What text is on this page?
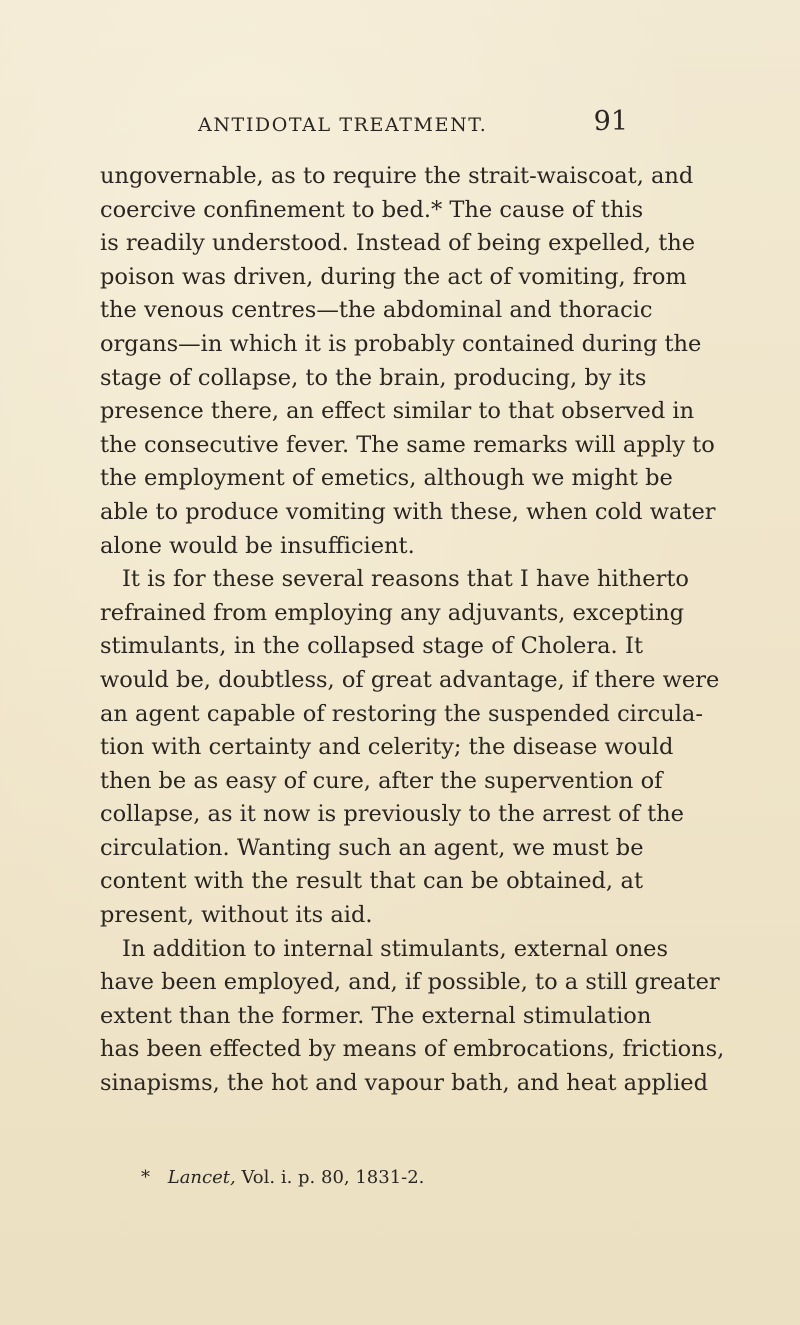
ANTIDOTAL TREATMENT.	91
ungovernable, as to require the strait-waiscoat, and
coercive confinement to bed.* The cause of this
is readily understood. Instead of being expelled, the
poison was driven, during the act of vomiting, from
the venous centres—the abdominal and thoracic
organs—in which it is probably contained during the
stage of collapse, to the brain, producing, by its
presence there, an effect similar to that observed in
the consecutive fever. The same remarks will apply to
the employment of emetics, although we might be
able to produce vomiting with these, when cold water
alone would be insufficient.
It is for these several reasons that I have hitherto
refrained from employing any adjuvants, excepting
stimulants, in the collapsed stage of Cholera. It
would be, doubtless, of great advantage, if there were
an agent capable of restoring the suspended circula-
tion with certainty and celerity; the disease would
then be as easy of cure, after the supervention of
collapse, as it now is previously to the arrest of the
circulation. Wanting such an agent, we must be
content with the result that can be obtained, at
present, without its aid.
In addition to internal stimulants, external ones
have been employed, and, if possible, to a still greater
extent than the former. The external stimulation
has been effected by means of embrocations, frictions,
sinapisms, the hot and vapour bath, and heat applied
* Lancet, Vol. i. p. 80, 1831-2.
